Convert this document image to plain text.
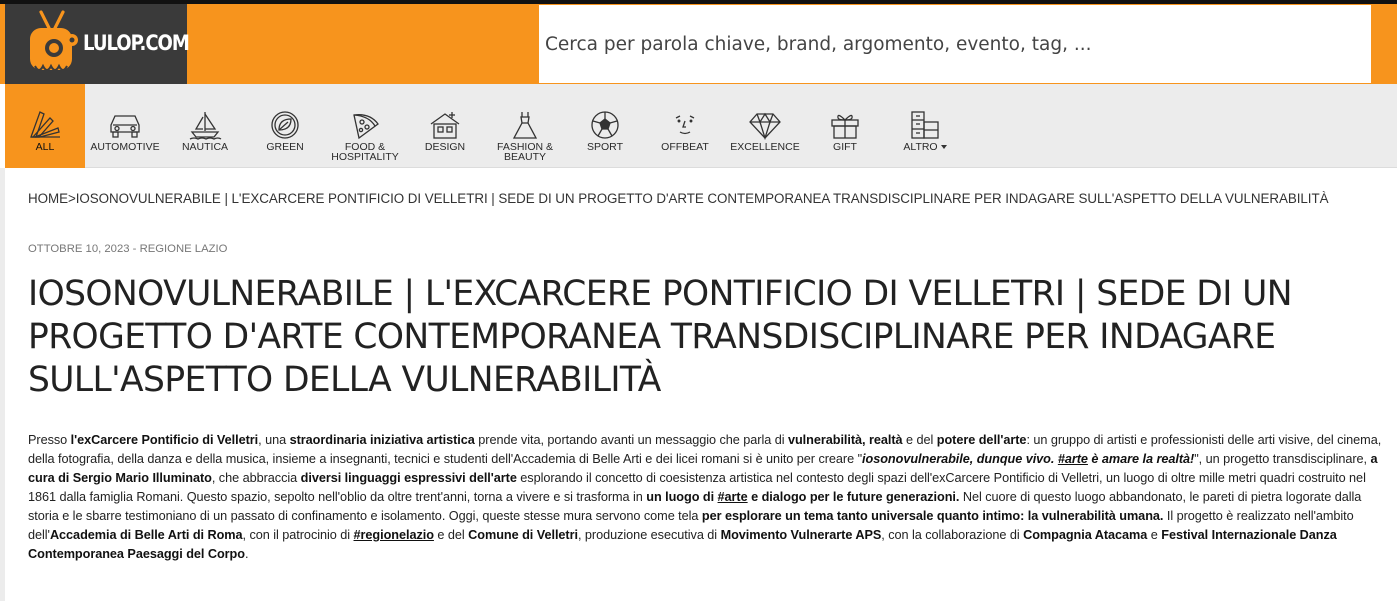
LULOP.COM
Cerca per parola chiave, brand, argomento, evento, tag, ...
ALL	AUTOMOTIVE	NAUTICA	GREEN	FOOD &
HOSPITALITY
DESIGN	FASHION &
BEAUTY
SPORT	OFFBEAT	EXCELLENCE	GIFT	ALTRO
HOME>IOSONOVULNERABILE | L'EXCARCERE PONTIFICIO DI VELLETRI | SEDE DI UN PROGETTO D'ARTE CONTEMPORANEA TRANSDISCIPLINARE PER INDAGARE SULL'ASPETTO DELLA VULNERABILITÀ
OTTOBRE 10, 2023 - REGIONE LAZIO
IOSONOVULNERABILE | L'EXCARCERE PONTIFICIO DI VELLETRI | SEDE DI UN PROGETTO D'ARTE CONTEMPORANEA TRANSDISCIPLINARE PER INDAGARE SULL'ASPETTO DELLA VULNERABILITÀ
Presso l'exCarcere Pontificio di Velletri, una straordinaria iniziativa artistica prende vita, portando avanti un messaggio che parla di vulnerabilità, realtà e del potere dell'arte: un gruppo di artisti e professionisti delle arti visive, del cinema, della fotografia, della danza e della musica, insieme a insegnanti, tecnici e studenti dell'Accademia di Belle Arti e dei licei romani si è unito per creare "iosonovulnerabile, dunque vivo. #arte è amare la realtà!", un progetto transdisciplinare, a cura di Sergio Mario Illuminato, che abbraccia diversi linguaggi espressivi dell'arte esplorando il concetto di coesistenza artistica nel contesto degli spazi dell'exCarcere Pontificio di Velletri, un luogo di oltre mille metri quadri costruito nel 1861 dalla famiglia Romani. Questo spazio, sepolto nell'oblio da oltre trent'anni, torna a vivere e si trasforma in un luogo di #arte e dialogo per le future generazioni. Nel cuore di questo luogo abbandonato, le pareti di pietra logorate dalla storia e le sbarre testimoniano di un passato di confinamento e isolamento. Oggi, queste stesse mura servono come tela per esplorare un tema tanto universale quanto intimo: la vulnerabilità umana. Il progetto è realizzato nell'ambito dell'Accademia di Belle Arti di Roma, con il patrocinio di #regionelazio e del Comune di Velletri, produzione esecutiva di Movimento Vulnerarte APS, con la collaborazione di Compagnia Atacama e Festival Internazionale Danza Contemporanea Paesaggi del Corpo.
